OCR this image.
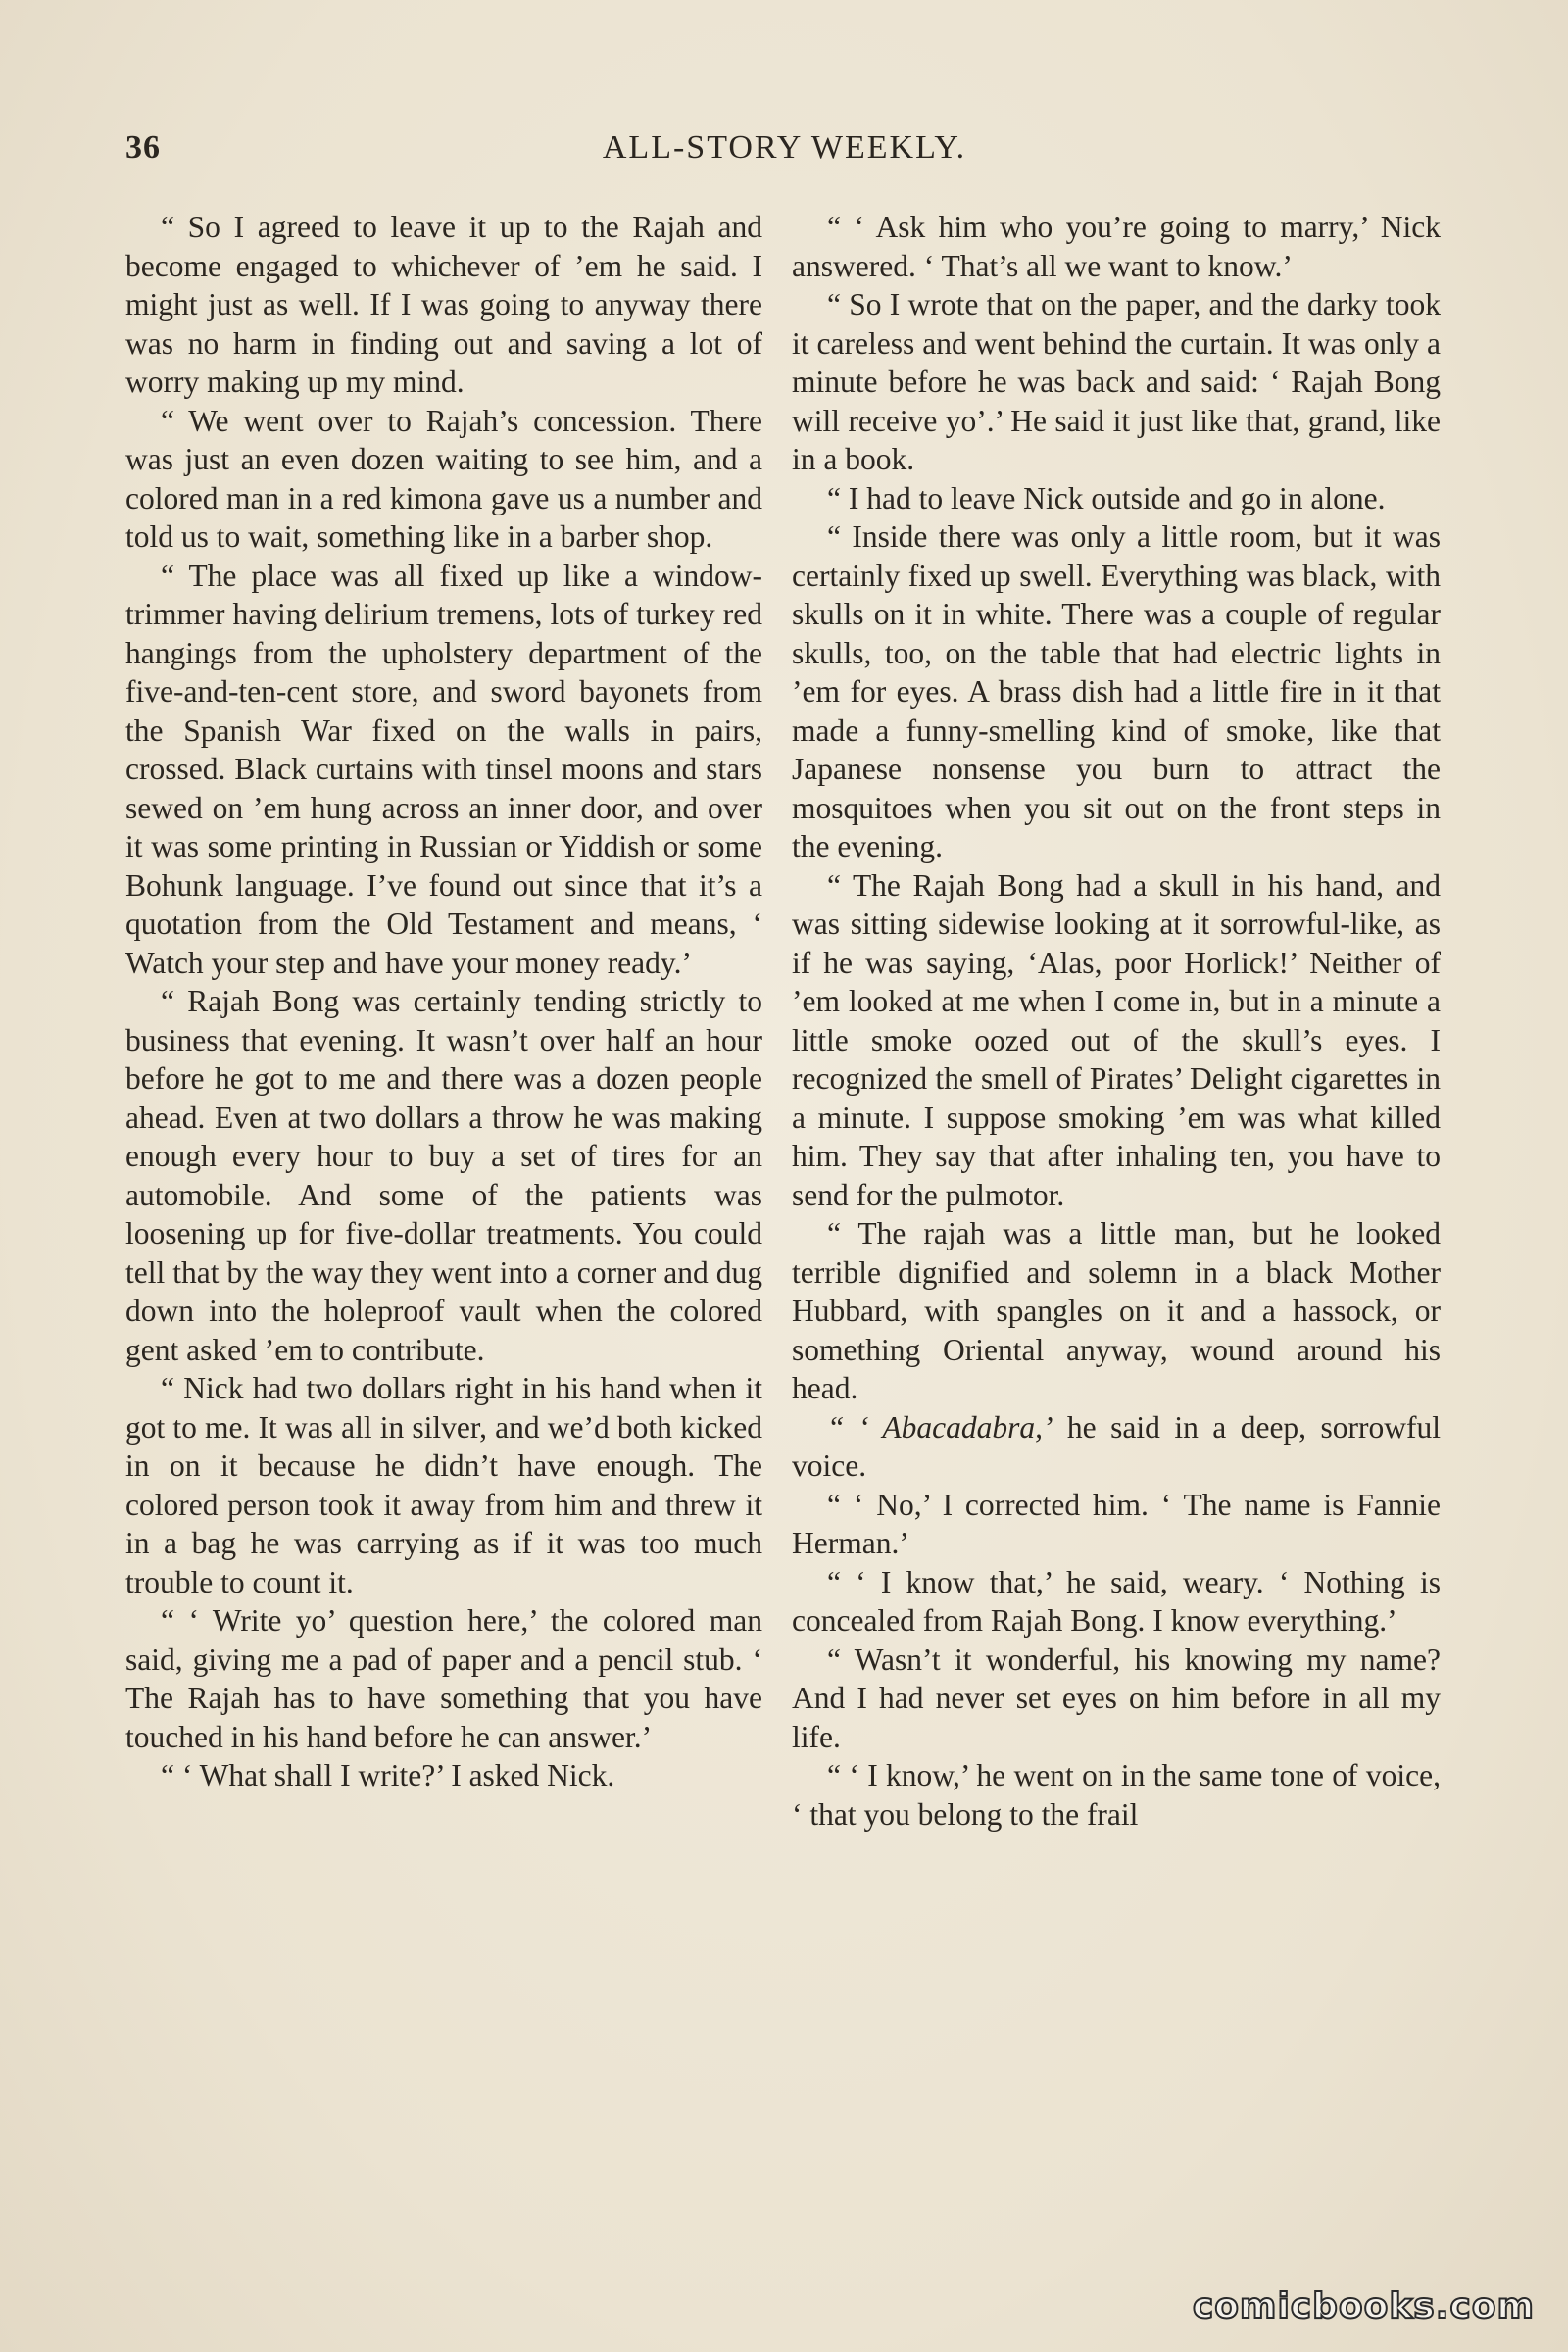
36	ALL-STORY WEEKLY.

“ So I agreed to leave it up to the Rajah and become engaged to whichever of ’em he said. I might just as well. If I was going to anyway there was no harm in finding out and saving a lot of worry making up my mind.

“ We went over to Rajah’s concession. There was just an even dozen waiting to see him, and a colored man in a red kimona gave us a number and told us to wait, something like in a barber shop.

“ The place was all fixed up like a window-trimmer having delirium tremens, lots of turkey red hangings from the upholstery department of the five-and-ten-cent store, and sword bayonets from the Spanish War fixed on the walls in pairs, crossed. Black curtains with tinsel moons and stars sewed on ’em hung across an inner door, and over it was some printing in Russian or Yiddish or some Bohunk language. I’ve found out since that it’s a quotation from the Old Testament and means, ‘ Watch your step and have your money ready.’

“ Rajah Bong was certainly tending strictly to business that evening. It wasn’t over half an hour before he got to me and there was a dozen people ahead. Even at two dollars a throw he was making enough every hour to buy a set of tires for an automobile. And some of the patients was loosening up for five-dollar treatments. You could tell that by the way they went into a corner and dug down into the holeproof vault when the colored gent asked ’em to contribute.

“ Nick had two dollars right in his hand when it got to me. It was all in silver, and we’d both kicked in on it because he didn’t have enough. The colored person took it away from him and threw it in a bag he was carrying as if it was too much trouble to count it.

“ ‘ Write yo’ question here,’ the colored man said, giving me a pad of paper and a pencil stub. ‘ The Rajah has to have something that you have touched in his hand before he can answer.’

“ ‘ What shall I write?’ I asked Nick.

“ ‘ Ask him who you’re going to marry,’ Nick answered. ‘ That’s all we want to know.’

“ So I wrote that on the paper, and the darky took it careless and went behind the curtain. It was only a minute before he was back and said: ‘ Rajah Bong will receive yo’.’ He said it just like that, grand, like in a book.

“ I had to leave Nick outside and go in alone.

“ Inside there was only a little room, but it was certainly fixed up swell. Everything was black, with skulls on it in white. There was a couple of regular skulls, too, on the table that had electric lights in ’em for eyes. A brass dish had a little fire in it that made a funny-smelling kind of smoke, like that Japanese nonsense you burn to attract the mosquitoes when you sit out on the front steps in the evening.

“ The Rajah Bong had a skull in his hand, and was sitting sidewise looking at it sorrowful-like, as if he was saying, ‘Alas, poor Horlick!’ Neither of ’em looked at me when I come in, but in a minute a little smoke oozed out of the skull’s eyes. I recognized the smell of Pirates’ Delight cigarettes in a minute. I suppose smoking ’em was what killed him. They say that after inhaling ten, you have to send for the pulmotor.

“ The rajah was a little man, but he looked terrible dignified and solemn in a black Mother Hubbard, with spangles on it and a hassock, or something Oriental anyway, wound around his head.

“ ‘ Abacadabra,’ he said in a deep, sorrowful voice.

“ ‘ No,’ I corrected him. ‘ The name is Fannie Herman.’

“ ‘ I know that,’ he said, weary. ‘ Nothing is concealed from Rajah Bong. I know everything.’

“ Wasn’t it wonderful, his knowing my name? And I had never set eyes on him before in all my life.

“ ‘ I know,’ he went on in the same tone of voice, ‘ that you belong to the frail

comicbooks.com
